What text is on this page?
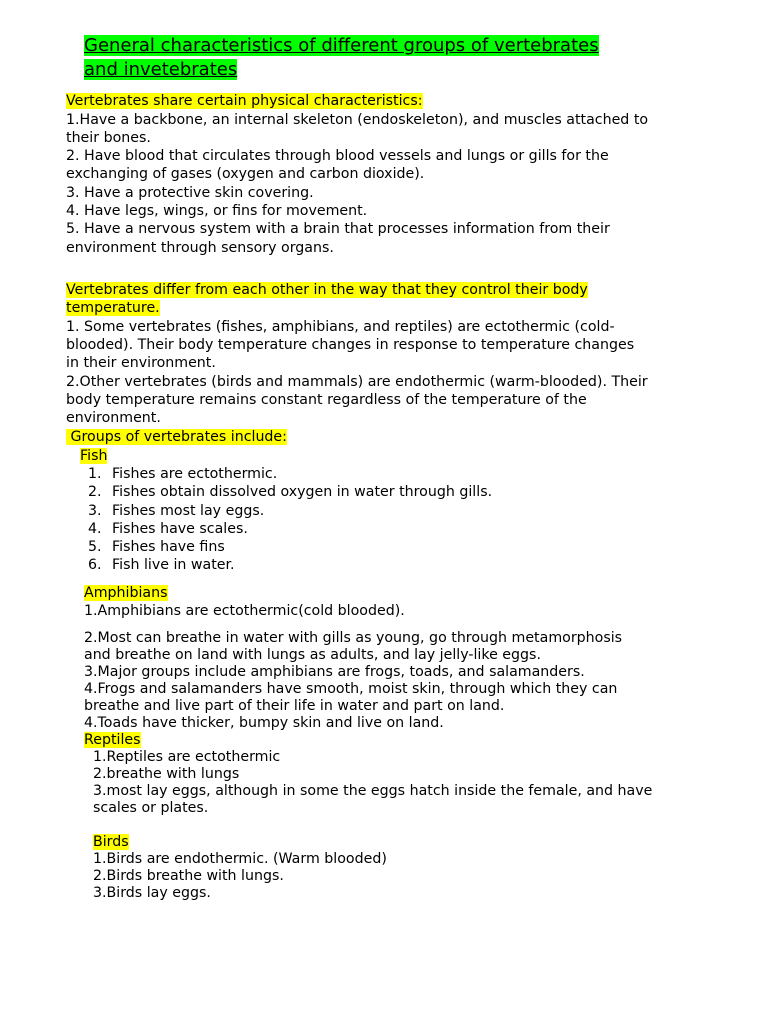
General characteristics of different groups of vertebrates
and invetebrates

Vertebrates share certain physical characteristics:

1.Have a backbone, an internal skeleton (endoskeleton), and muscles attached to

their bones.

2. Have blood that circulates through blood vessels and lungs or gills for the

exchanging of gases (oxygen and carbon dioxide).

3. Have a protective skin covering.

4. Have legs, wings, or fins for movement.

5. Have a nervous system with a brain that processes information from their

environment through sensory organs.

Vertebrates differ from each other in the way that they control their body

temperature.

1. Some vertebrates (fishes, amphibians, and reptiles) are ectothermic (cold-

blooded). Their body temperature changes in response to temperature changes

in their environment.

2.Other vertebrates (birds and mammals) are endothermic (warm-blooded). Their

body temperature remains constant regardless of the temperature of the

environment.

Groups of vertebrates include:

Fish

1. Fishes are ectothermic.
2. Fishes obtain dissolved oxygen in water through gills.
3. Fishes most lay eggs.
4. Fishes have scales.
5. Fishes have fins
6. Fish live in water.

Amphibians

1.Amphibians are ectothermic(cold blooded).

2.Most can breathe in water with gills as young, go through metamorphosis

and breathe on land with lungs as adults, and lay jelly-like eggs.

3.Major groups include amphibians are frogs, toads, and salamanders.

4.Frogs and salamanders have smooth, moist skin, through which they can

breathe and live part of their life in water and part on land.

4.Toads have thicker, bumpy skin and live on land.

Reptiles

1.Reptiles are ectothermic

2.breathe with lungs

3.most lay eggs, although in some the eggs hatch inside the female, and have

scales or plates.

Birds

1.Birds are endothermic. (Warm blooded)

2.Birds breathe with lungs.

3.Birds lay eggs.
